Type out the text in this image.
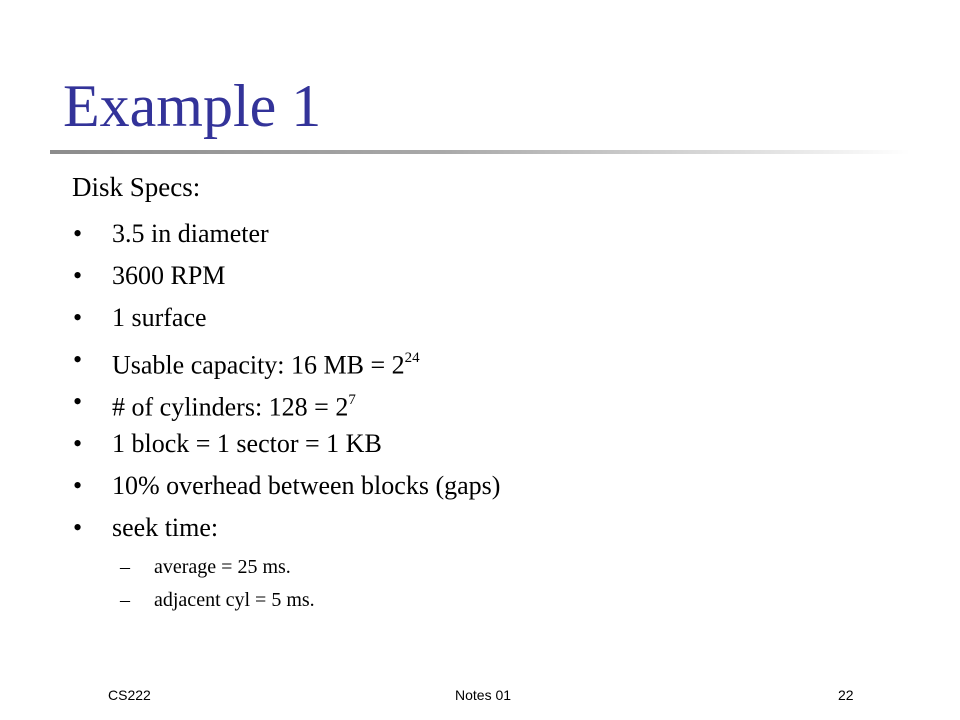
Example 1
Disk Specs:
• 3.5 in diameter
• 3600 RPM
• 1 surface
• Usable capacity: 16 MB = $2^{24}$
• # of cylinders: $128 = 2^7$
• 1 block = 1 sector = 1 KB
• 10% overhead between blocks (gaps)
• seek time:
– average = 25 ms.
– adjacent cyl = 5 ms.
CS222	Notes 01	22
